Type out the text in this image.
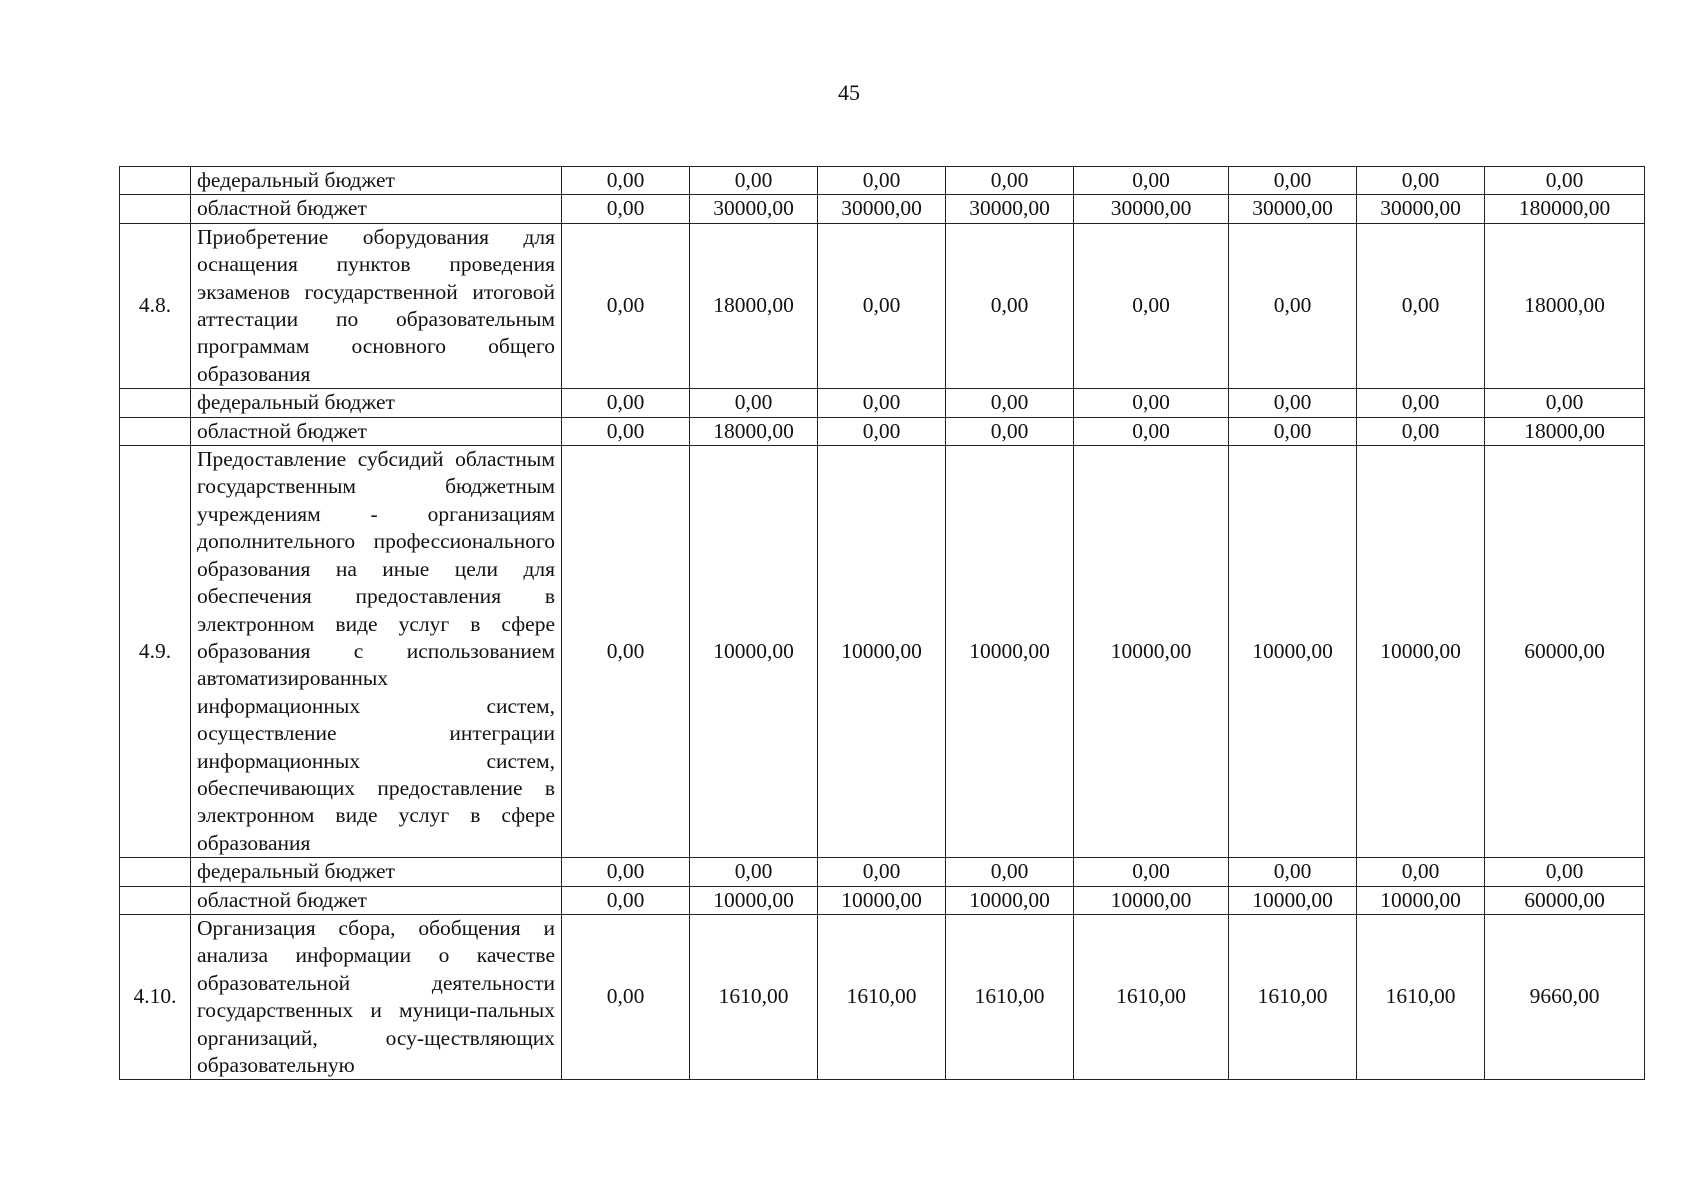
45
	федеральный бюджет	0,00	0,00	0,00	0,00	0,00	0,00	0,00	0,00
	областной бюджет	0,00	30000,00	30000,00	30000,00	30000,00	30000,00	30000,00	180000,00
4.8.	Приобретение оборудования для оснащения пунктов проведения экзаменов государственной итоговой аттестации по образовательным программам основного общего образования	0,00	18000,00	0,00	0,00	0,00	0,00	0,00	18000,00
	федеральный бюджет	0,00	0,00	0,00	0,00	0,00	0,00	0,00	0,00
	областной бюджет	0,00	18000,00	0,00	0,00	0,00	0,00	0,00	18000,00
4.9.	Предоставление субсидий областным государственным бюджетным учреждениям - организациям дополнительного профессионального образования на иные цели для обеспечения предоставления в электронном виде услуг в сфере образования с использованием автоматизированных информационных систем, осуществление интеграции информационных систем, обеспечивающих предоставление в электронном виде услуг в сфере образования	0,00	10000,00	10000,00	10000,00	10000,00	10000,00	10000,00	60000,00
	федеральный бюджет	0,00	0,00	0,00	0,00	0,00	0,00	0,00	0,00
	областной бюджет	0,00	10000,00	10000,00	10000,00	10000,00	10000,00	10000,00	60000,00
4.10.	Организация сбора, обобщения и анализа информации о качестве образовательной деятельности государственных и муници-пальных организаций, осу-ществляющих образовательную	0,00	1610,00	1610,00	1610,00	1610,00	1610,00	1610,00	9660,00
